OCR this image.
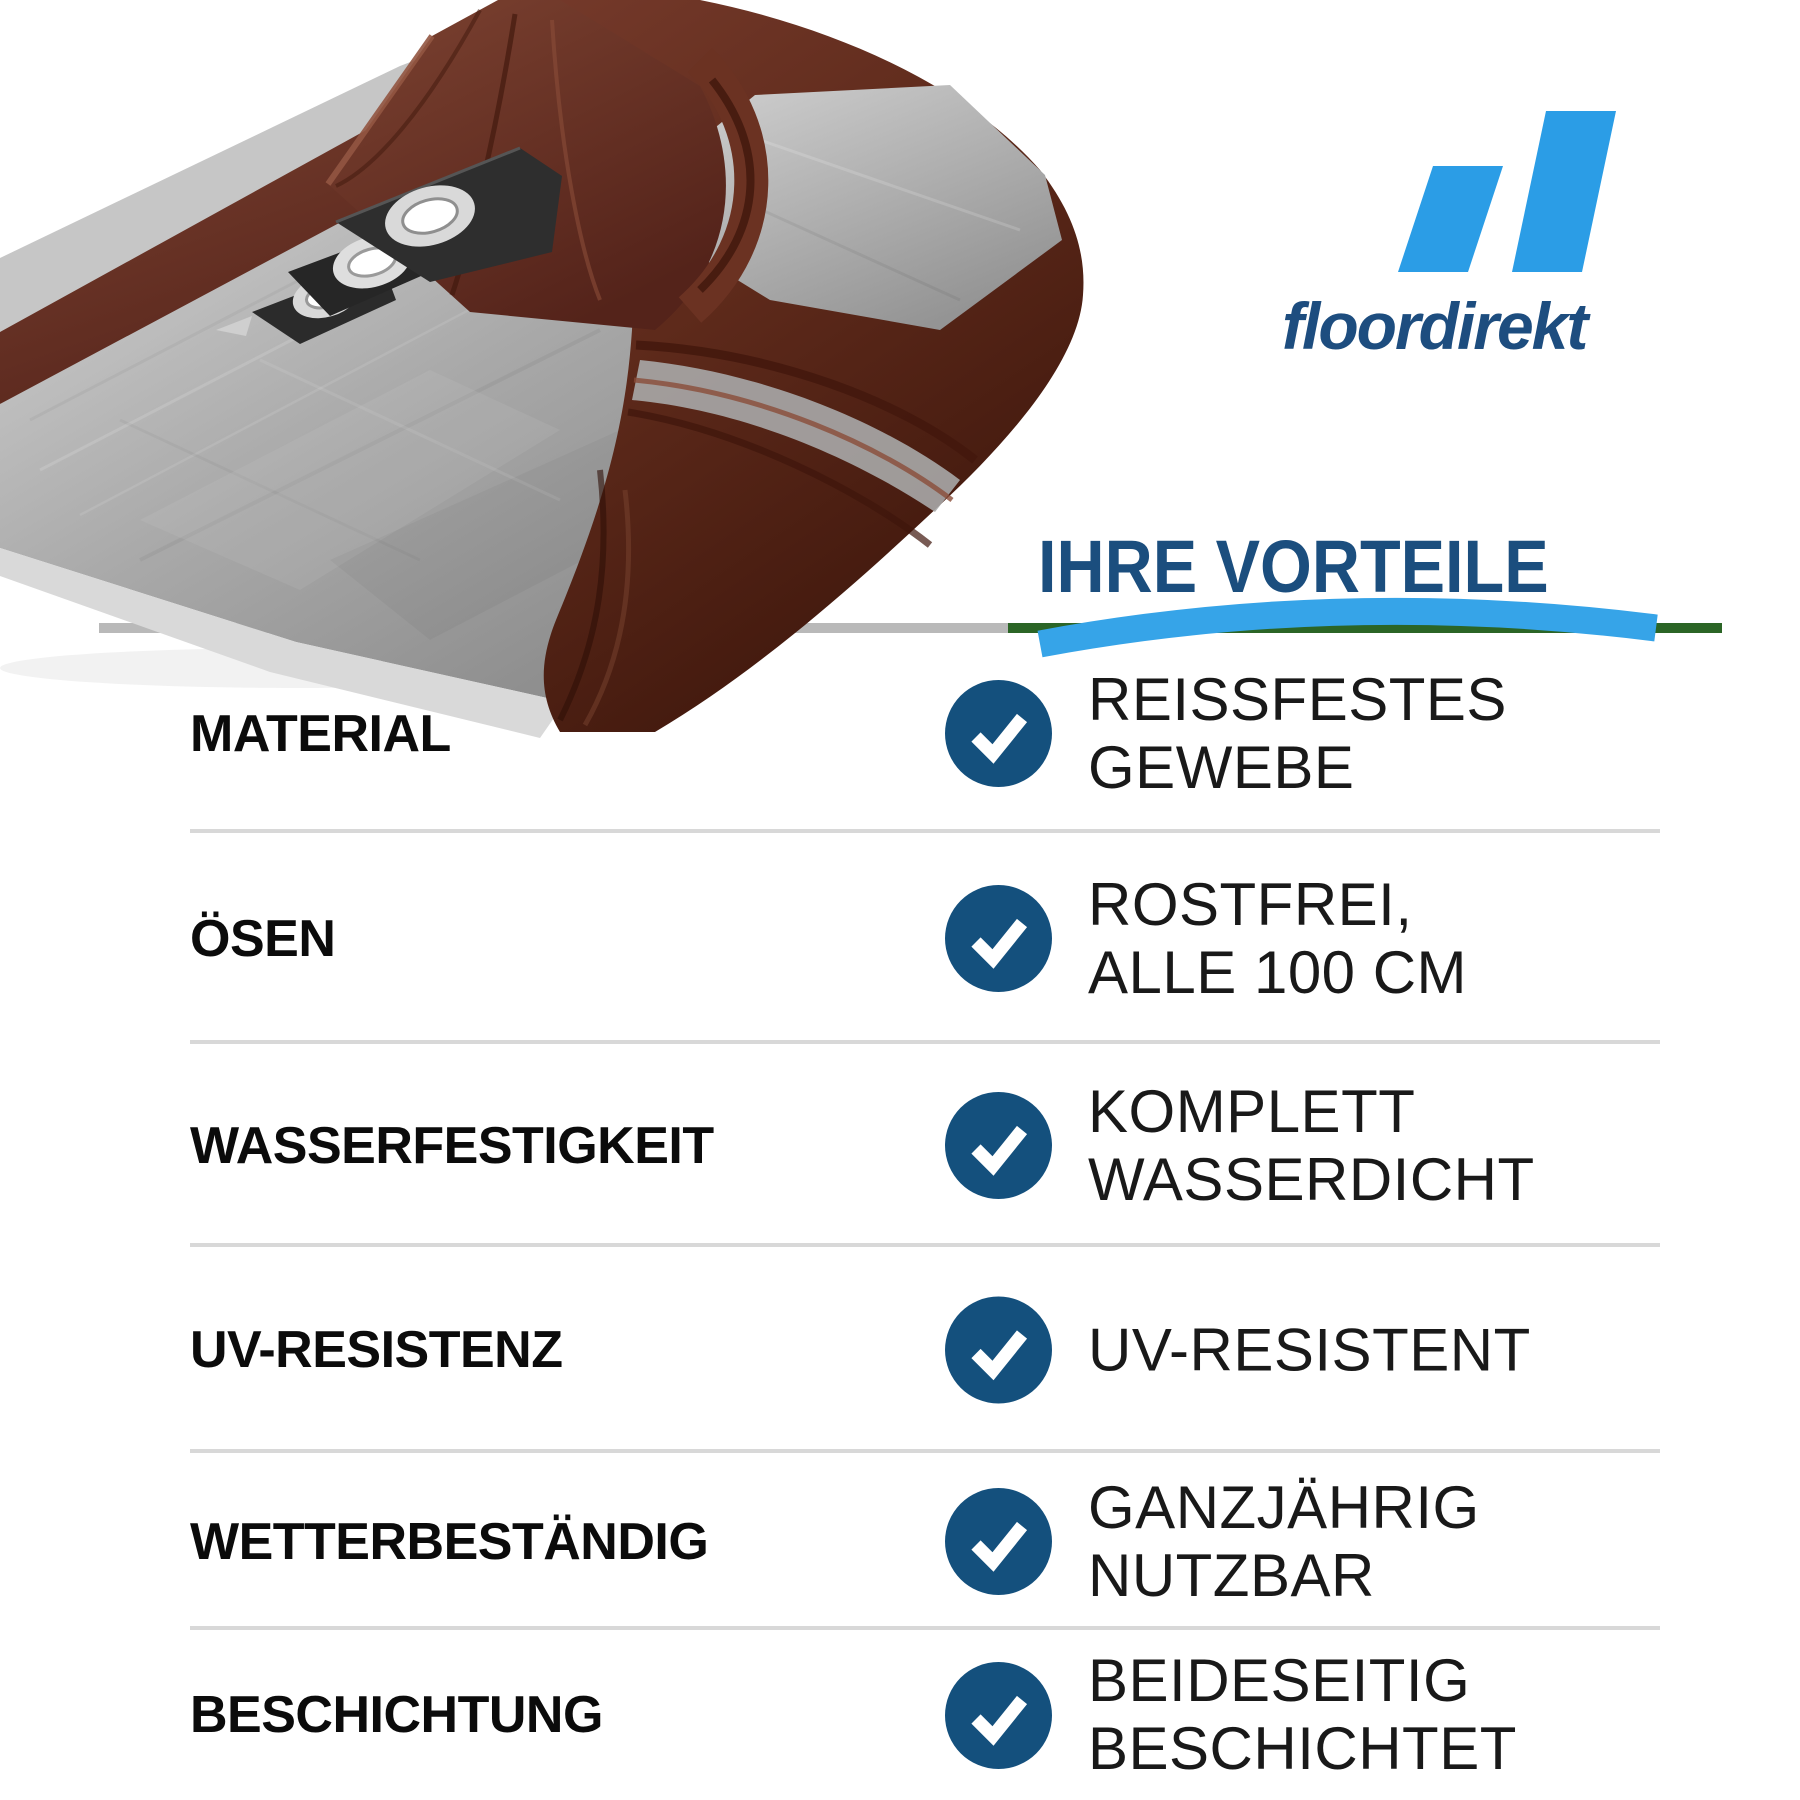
floordirekt
IHRE VORTEILE
MATERIAL
REISSFESTES
GEWEBE
ÖSEN
ROSTFREI,
ALLE 100 CM
WASSERFESTIGKEIT
KOMPLETT
WASSERDICHT
UV-RESISTENZ	UV-RESISTENT
WETTERBESTÄNDIG
GANZJÄHRIG
NUTZBAR
BESCHICHTUNG
BEIDESEITIG
BESCHICHTET
